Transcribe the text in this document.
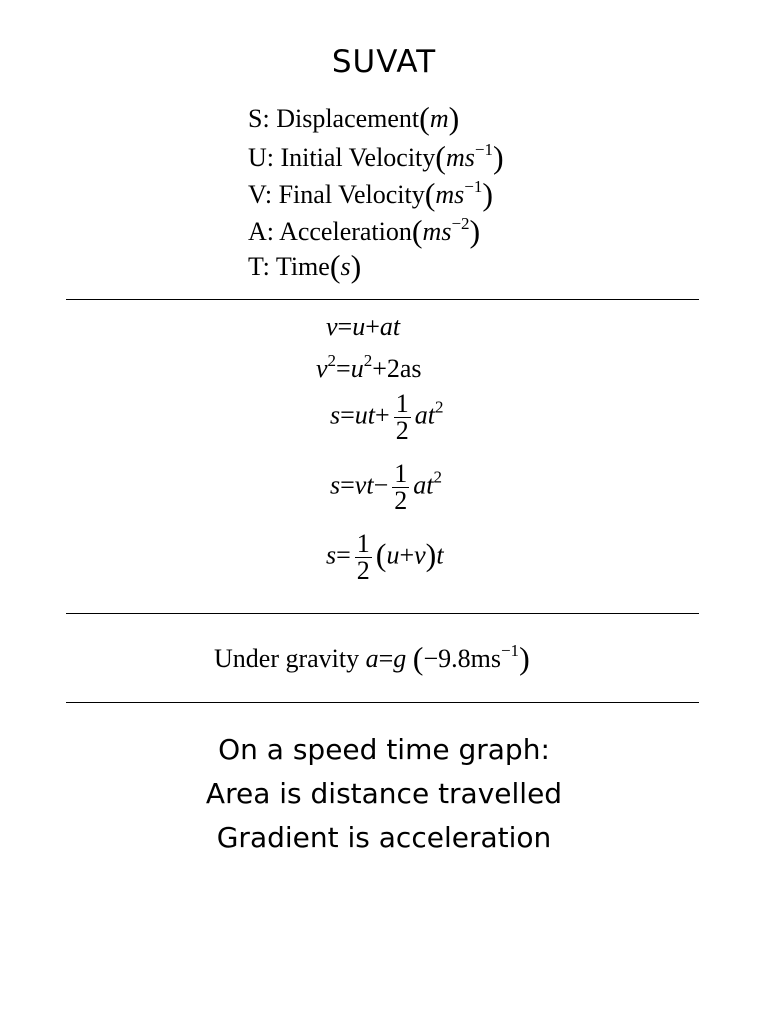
SUVAT
S: Displacement(m)
U: Initial $Velocity(ms^{-1})$
V: Final $Velocity(ms^{-1})$
A: $Acceleration(ms^{-2})$
T: Time(s)
v=u+at
$v^2=u^2+2as$
$s=ut+ \frac{1}{2} at^2$
$s=vt- \frac{1}{2} at^2$
$s= \frac{1}{2} (u+v)t$
Under gravity a=g $(-9.8ms^{-1})$
On a speed time graph:
Area is distance travelled
Gradient is acceleration
